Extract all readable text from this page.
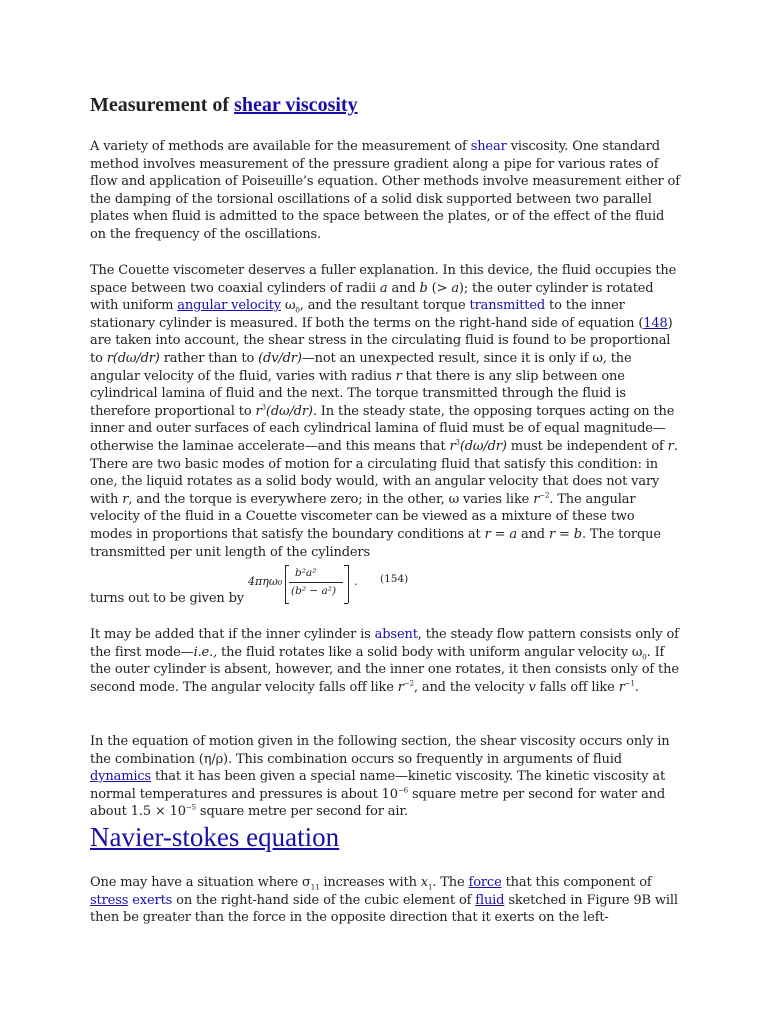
Measurement of shear viscosity

A variety of methods are available for the measurement of shear viscosity. One standard method involves measurement of the pressure gradient along a pipe for various rates of flow and application of Poiseuille’s equation. Other methods involve measurement either of the damping of the torsional oscillations of a solid disk supported between two parallel plates when fluid is admitted to the space between the plates, or of the effect of the fluid on the frequency of the oscillations.

The Couette viscometer deserves a fuller explanation. In this device, the fluid occupies the space between two coaxial cylinders of radii a and b (> a); the outer cylinder is rotated with uniform angular velocity $\omega_0$, and the resultant torque transmitted to the inner stationary cylinder is measured. If both the terms on the right-hand side of equation (148) are taken into account, the shear stress in the circulating fluid is found to be proportional to r(dω/dr) rather than to (dv/dr)—not an unexpected result, since it is only if ω, the angular velocity of the fluid, varies with radius r that there is any slip between one cylindrical lamina of fluid and the next. The torque transmitted through the fluid is therefore proportional to $r^3(d\omega/dr)$. In the steady state, the opposing torques acting on the inner and outer surfaces of each cylindrical lamina of fluid must be of equal magnitude—otherwise the laminae accelerate—and this means that $r^3(d\omega/dr)$ must be independent of r. There are two basic modes of motion for a circulating fluid that satisfy this condition: in one, the liquid rotates as a solid body would, with an angular velocity that does not vary with r, and the torque is everywhere zero; in the other, ω varies like $r^{-2}$. The angular velocity of the fluid in a Couette viscometer can be viewed as a mixture of these two modes in proportions that satisfy the boundary conditions at r = a and r = b. The torque transmitted per unit length of the cylinders

turns out to be given by

4πηω₀
b²a²
(b² − a²)
. (154)

It may be added that if the inner cylinder is absent, the steady flow pattern consists only of the first mode—i.e., the fluid rotates like a solid body with uniform angular velocity $\omega_0$. If the outer cylinder is absent, however, and the inner one rotates, it then consists only of the second mode. The angular velocity falls off like $r^{-2}$, and the velocity v falls off like $r^{-1}$.

In the equation of motion given in the following section, the shear viscosity occurs only in the combination (η/ρ). This combination occurs so frequently in arguments of fluid dynamics that it has been given a special name—kinetic viscosity. The kinetic viscosity at normal temperatures and pressures is about $10^{-6}$ square metre per second for water and about $1.5 \times 10^{-5}$ square metre per second for air.

Navier-stokes equation

One may have a situation where $\sigma_{11}$ increases with $x_1$. The force that this component of stress exerts on the right-hand side of the cubic element of fluid sketched in Figure 9B will then be greater than the force in the opposite direction that it exerts on the left-
